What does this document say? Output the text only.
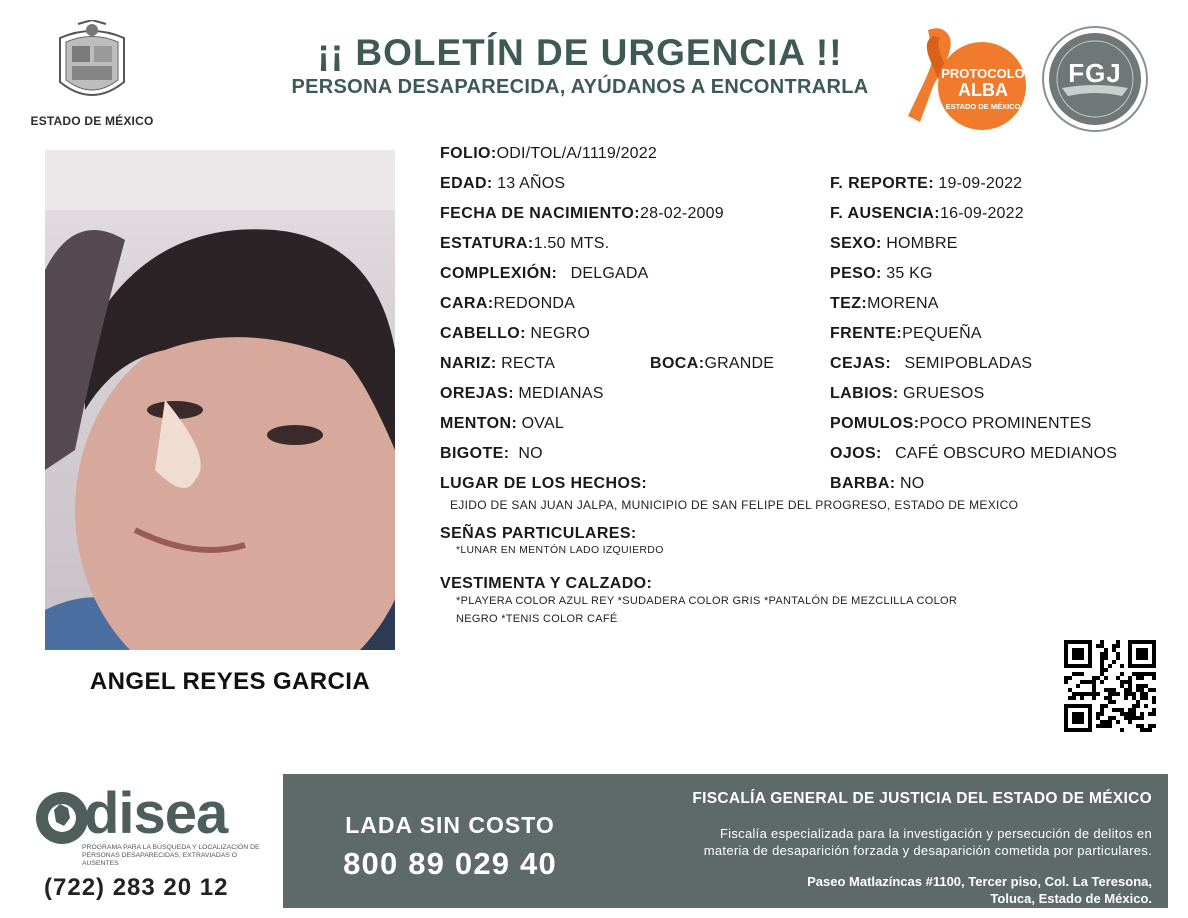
ESTADO DE MÉXICO
¡¡ BOLETÍN DE URGENCIA !!
PERSONA DESAPARECIDA, AYÚDANOS A ENCONTRARLA
PROTOCOLO
ALBA
ESTADO DE MÉXICO
FGJ
ANGEL REYES GARCIA
FOLIO:ODI/TOL/A/1119/2022
EDAD: 13 AÑOS	F. REPORTE: 19-09-2022
FECHA DE NACIMIENTO:28-02-2009	F. AUSENCIA:16-09-2022
ESTATURA:1.50 MTS.	SEXO: HOMBRE
COMPLEXIÓN: DELGADA	PESO: 35 KG
CARA:REDONDA	TEZ:MORENA
CABELLO: NEGRO	FRENTE:PEQUEÑA
NARIZ: RECTA	BOCA:GRANDE	CEJAS: SEMIPOBLADAS
OREJAS: MEDIANAS	LABIOS: GRUESOS
MENTON: OVAL	POMULOS:POCO PROMINENTES
BIGOTE: NO	OJOS: CAFÉ OBSCURO MEDIANOS
LUGAR DE LOS HECHOS:	BARBA: NO
EJIDO DE SAN JUAN JALPA, MUNICIPIO DE SAN FELIPE DEL PROGRESO, ESTADO DE MEXICO
SEÑAS PARTICULARES:
*LUNAR EN MENTÓN LADO IZQUIERDO
VESTIMENTA Y CALZADO:
*PLAYERA COLOR AZUL REY *SUDADERA COLOR GRIS *PANTALÓN DE MEZCLILLA COLOR
NEGRO *TENIS COLOR CAFÉ
disea
PROGRAMA PARA LA BÚSQUEDA Y LOCALIZACIÓN DE PERSONAS DESAPARECIDAS, EXTRAVIADAS O AUSENTES
(722) 283 20 12
LADA SIN COSTO
800 89 029 40
FISCALÍA GENERAL DE JUSTICIA DEL ESTADO DE MÉXICO
Fiscalía especializada para la investigación y persecución de delitos en
materia de desaparición forzada y desaparición cometida por particulares.
Paseo Matlazíncas #1100, Tercer piso, Col. La Teresona,
Toluca, Estado de México.
